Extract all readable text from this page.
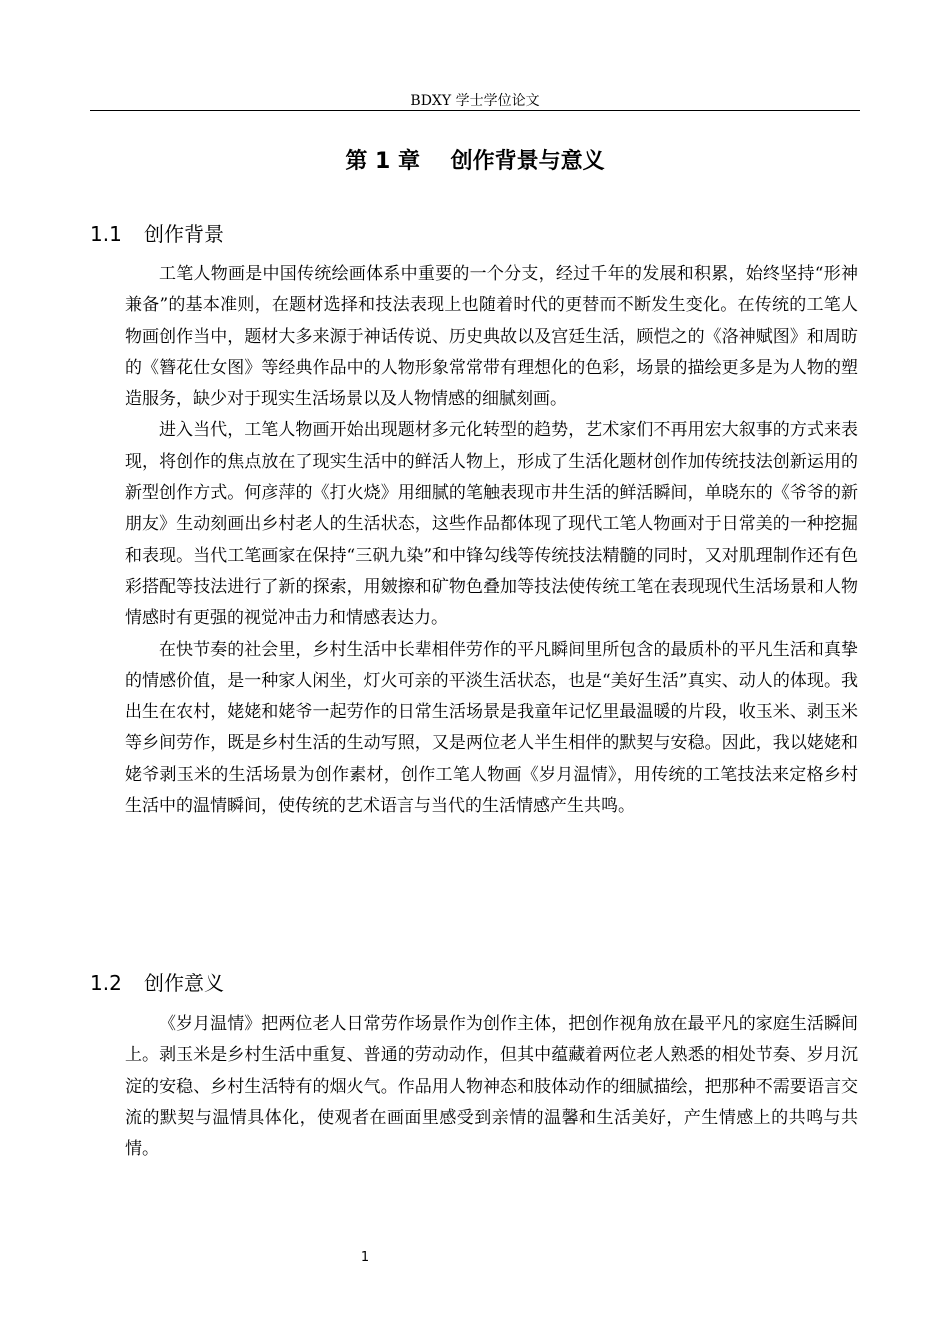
BDXY 学士学位论文
第 1 章    创作背景与意义
1.1 创作背景

工笔人物画是中国传统绘画体系中重要的一个分支，经过千年的发展和积累，始终坚持“形神兼备”的基本准则，在题材选择和技法表现上也随着时代的更替而不断发生变化。在传统的工笔人物画创作当中，题材大多来源于神话传说、历史典故以及宫廷生活，顾恺之的《洛神赋图》和周昉的《簪花仕女图》等经典作品中的人物形象常常带有理想化的色彩，场景的描绘更多是为人物的塑造服务，缺少对于现实生活场景以及人物情感的细腻刻画。

进入当代，工笔人物画开始出现题材多元化转型的趋势，艺术家们不再用宏大叙事的方式来表现，将创作的焦点放在了现实生活中的鲜活人物上，形成了生活化题材创作加传统技法创新运用的新型创作方式。何彦萍的《打火烧》用细腻的笔触表现市井生活的鲜活瞬间，单晓东的《爷爷的新朋友》生动刻画出乡村老人的生活状态，这些作品都体现了现代工笔人物画对于日常美的一种挖掘和表现。当代工笔画家在保持“三矾九染”和中锋勾线等传统技法精髓的同时，又对肌理制作还有色彩搭配等技法进行了新的探索，用皴擦和矿物色叠加等技法使传统工笔在表现现代生活场景和人物情感时有更强的视觉冲击力和情感表达力。

在快节奏的社会里，乡村生活中长辈相伴劳作的平凡瞬间里所包含的最质朴的平凡生活和真挚的情感价值，是一种家人闲坐，灯火可亲的平淡生活状态，也是“美好生活”真实、动人的体现。我出生在农村，姥姥和姥爷一起劳作的日常生活场景是我童年记忆里最温暖的片段，收玉米、剥玉米等乡间劳作，既是乡村生活的生动写照，又是两位老人半生相伴的默契与安稳。因此，我以姥姥和姥爷剥玉米的生活场景为创作素材，创作工笔人物画《岁月温情》，用传统的工笔技法来定格乡村生活中的温情瞬间，使传统的艺术语言与当代的生活情感产生共鸣。

1.2 创作意义

《岁月温情》把两位老人日常劳作场景作为创作主体，把创作视角放在最平凡的家庭生活瞬间上。剥玉米是乡村生活中重复、普通的劳动动作，但其中蕴藏着两位老人熟悉的相处节奏、岁月沉淀的安稳、乡村生活特有的烟火气。作品用人物神态和肢体动作的细腻描绘，把那种不需要语言交流的默契与温情具体化，使观者在画面里感受到亲情的温馨和生活美好，产生情感上的共鸣与共情。

1
